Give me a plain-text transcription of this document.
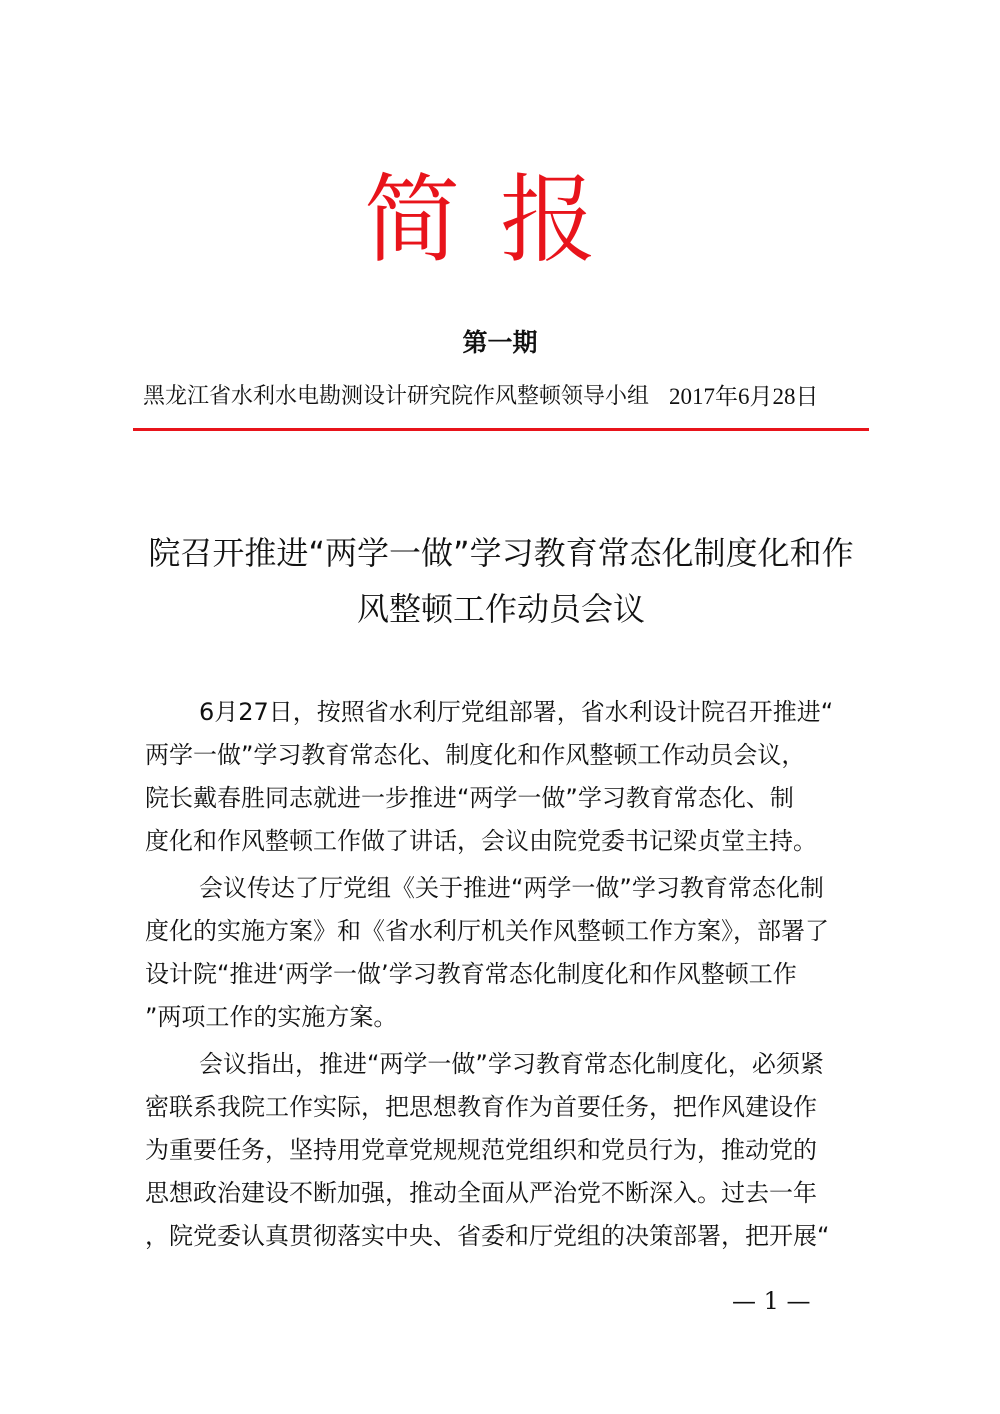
简报
第一期
黑龙江省水利水电勘测设计研究院作风整顿领导小组 2017年6月28日
院召开推进“两学一做”学习教育常态化制度化和作
风整顿工作动员会议
6月27日，按照省水利厅党组部署，省水利设计院召开推进“
两学一做”学习教育常态化、制度化和作风整顿工作动员会议，
院长戴春胜同志就进一步推进“两学一做”学习教育常态化、制
度化和作风整顿工作做了讲话，会议由院党委书记梁贞堂主持。
会议传达了厅党组《关于推进“两学一做”学习教育常态化制
度化的实施方案》和《省水利厅机关作风整顿工作方案》，部署了
设计院“推进‘两学一做’学习教育常态化制度化和作风整顿工作
”两项工作的实施方案。
会议指出，推进“两学一做”学习教育常态化制度化，必须紧
密联系我院工作实际，把思想教育作为首要任务，把作风建设作
为重要任务，坚持用党章党规规范党组织和党员行为，推动党的
思想政治建设不断加强，推动全面从严治党不断深入。过去一年
，院党委认真贯彻落实中央、省委和厅党组的决策部署，把开展“
— 1 —
